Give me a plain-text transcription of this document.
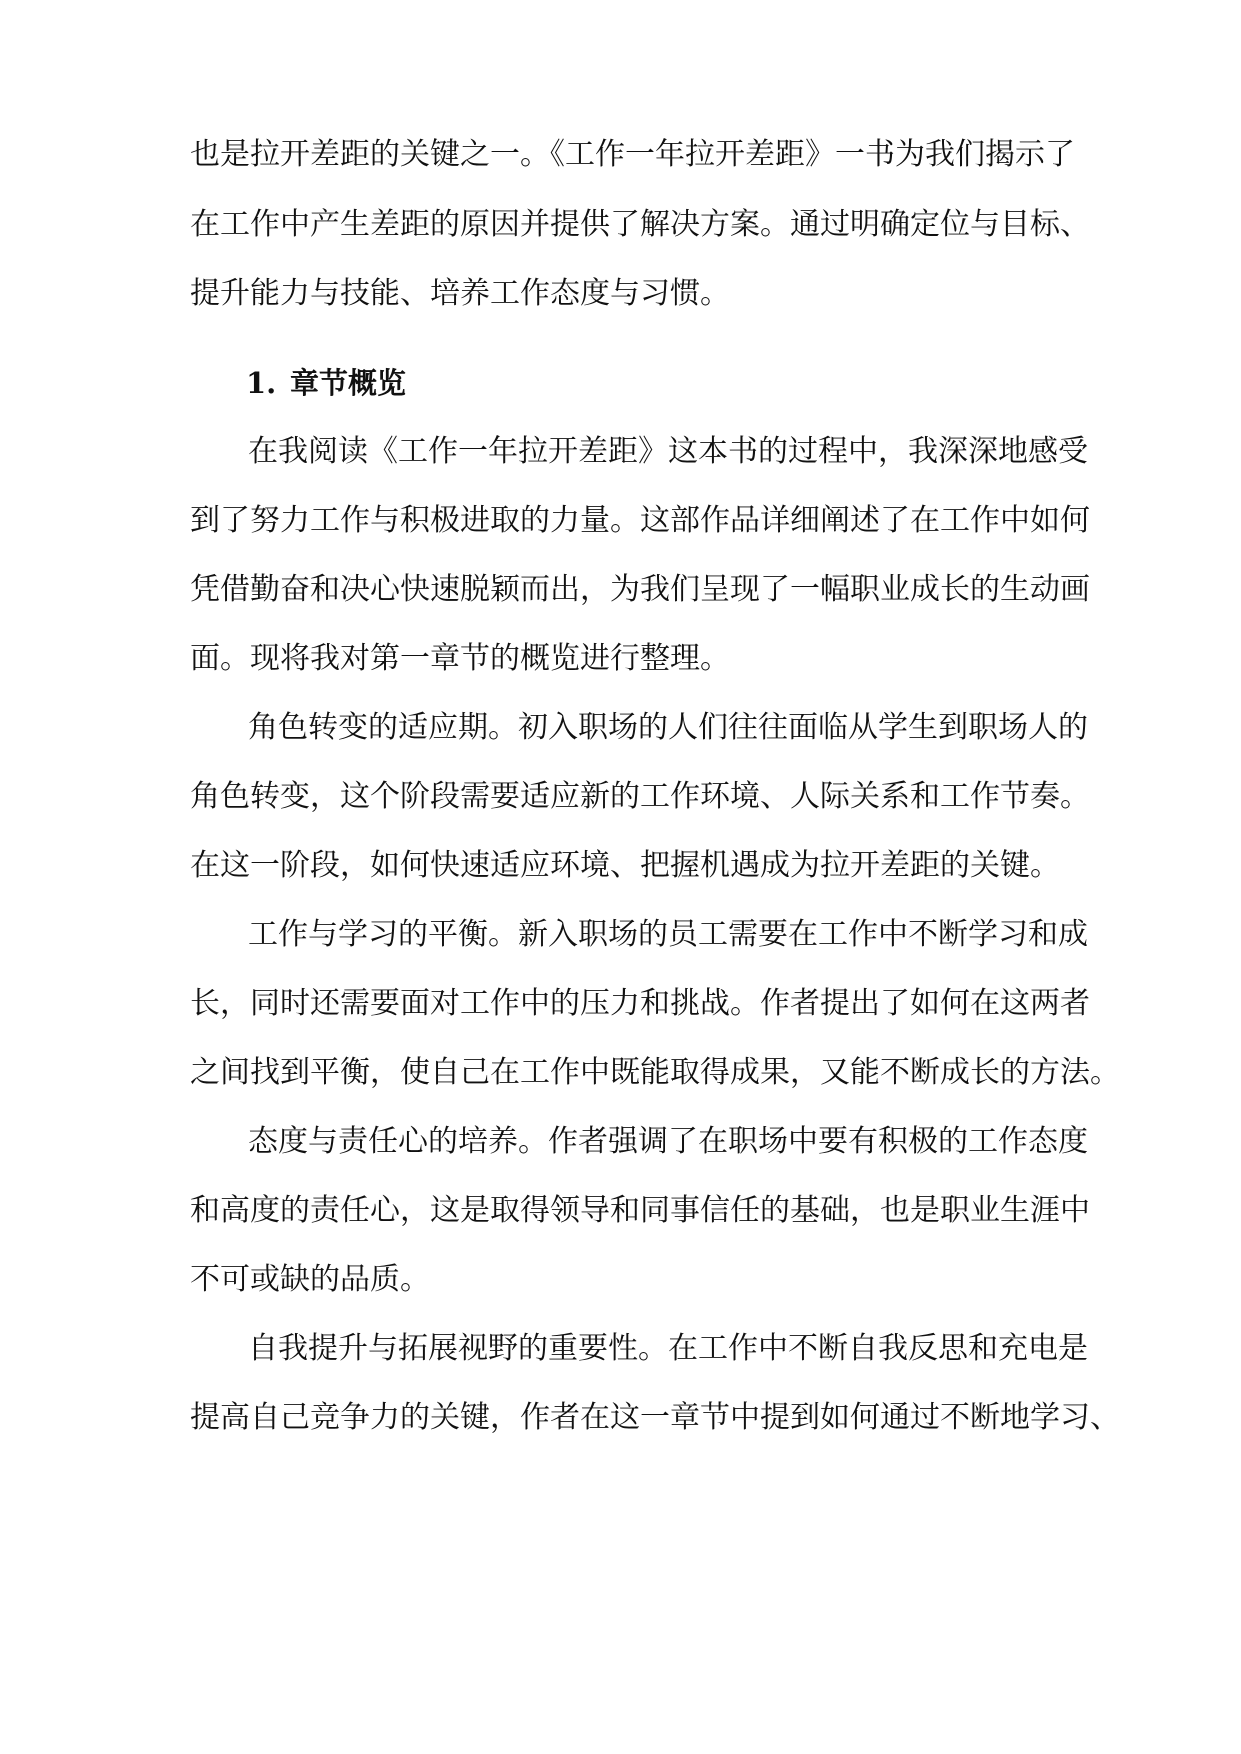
也是拉开差距的关键之一。《工作一年拉开差距》一书为我们揭示了
在工作中产生差距的原因并提供了解决方案。通过明确定位与目标、
提升能力与技能、培养工作态度与习惯。
1. 章节概览
在我阅读《工作一年拉开差距》这本书的过程中，我深深地感受
到了努力工作与积极进取的力量。这部作品详细阐述了在工作中如何
凭借勤奋和决心快速脱颖而出，为我们呈现了一幅职业成长的生动画
面。现将我对第一章节的概览进行整理。
角色转变的适应期。初入职场的人们往往面临从学生到职场人的
角色转变，这个阶段需要适应新的工作环境、人际关系和工作节奏。
在这一阶段，如何快速适应环境、把握机遇成为拉开差距的关键。
工作与学习的平衡。新入职场的员工需要在工作中不断学习和成
长，同时还需要面对工作中的压力和挑战。作者提出了如何在这两者
之间找到平衡，使自己在工作中既能取得成果，又能不断成长的方法。
态度与责任心的培养。作者强调了在职场中要有积极的工作态度
和高度的责任心，这是取得领导和同事信任的基础，也是职业生涯中
不可或缺的品质。
自我提升与拓展视野的重要性。在工作中不断自我反思和充电是
提高自己竞争力的关键，作者在这一章节中提到如何通过不断地学习、
